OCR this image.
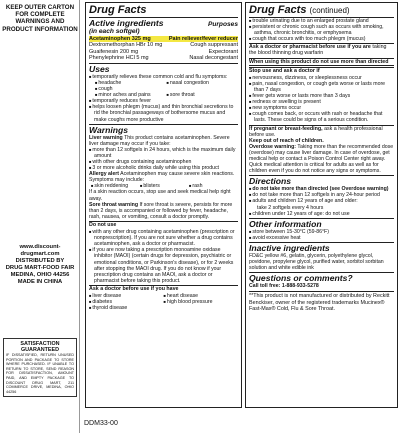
KEEP OUTER CARTON FOR COMPLETE WARNINGS AND PRODUCT INFORMATION
www.discount-drugmart.com
DISTRIBUTED BY
DRUG MART-FOOD FAIR
MEDINA, OHIO 44256
MADE IN CHINA
SATISFACTION GUARANTEED
IF DISSATISFIED, RETURN UNUSED PORTION AND PACKAGE TO STORE WHERE PURCHASED. IF UNABLE TO RETURN TO STORE, SEND REASON FOR DISSATISFACTION, AMOUNT PAID, AND EMPTY PACKAGE TO DISCOUNT DRUG MART, 211 COMMERCE DRIVE, MEDINA, OHIO 44256
DDM33-00
Drug Facts
Active ingredients	Purposes
(in each softgel)
Acetaminophen 325 mg	Pain reliever/fever reducer
Dextromethorphan HBr 10 mg	Cough suppressant
Guaifenesin 200 mg	Expectorant
Phenylephrine HCl 5 mg	Nasal decongestant
Uses
■ temporarily relieves these common cold and flu symptoms:
■ headache	■ nasal congestion
■ cough
■ minor aches and pains	■ sore throat
■ temporarily reduces fever
■ helps loosen phlegm (mucus) and thin bronchial secretions to rid the bronchial passageways of bothersome mucus and make coughs more productive
Warnings
Liver warning This product contains acetaminophen. Severe liver damage may occur if you take:
■ more than 12 softgels in 24 hours, which is the maximum daily amount
■ with other drugs containing acetaminophen
■ 3 or more alcoholic drinks daily while using this product
Allergy alert Acetaminophen may cause severe skin reactions. Symptoms may include:
■ skin reddening	■ blisters	■ rash
If a skin reaction occurs, stop use and seek medical help right away.
Sore throat warning If sore throat is severe, persists for more than 2 days, is accompanied or followed by fever, headache, rash, nausea, or vomiting, consult a doctor promptly.
Do not use
■ with any other drug containing acetaminophen (prescription or nonprescription). If you are not sure whether a drug contains acetaminophen, ask a doctor or pharmacist.
■ if you are now taking a prescription monoamine oxidase inhibitor (MAOI) (certain drugs for depression, psychiatric or emotional conditions, or Parkinson's disease), or for 2 weeks after stopping the MAOI drug. If you do not know if your prescription drug contains an MAOI, ask a doctor or pharmacist before taking this product.
Ask a doctor before use if you have
■ liver disease	■ heart disease
■ diabetes	■ high blood pressure
■ thyroid disease
Drug Facts (continued)
■ trouble urinating due to an enlarged prostate gland
■ persistent or chronic cough such as occurs with smoking, asthma, chronic bronchitis, or emphysema
■ cough that occurs with too much phlegm (mucus)
Ask a doctor or pharmacist before use if you are taking the blood thinning drug warfarin
When using this product do not use more than directed
Stop use and ask a doctor if
■ nervousness, dizziness, or sleeplessness occur
■ pain, nasal congestion, or cough gets worse or lasts more than 7 days
■ fever gets worse or lasts more than 3 days
■ redness or swelling is present
■ new symptoms occur
■ cough comes back, or occurs with rash or headache that lasts. These could be signs of a serious condition.
If pregnant or breast-feeding, ask a health professional before use.
Keep out of reach of children.
Overdose warning: Taking more than the recommended dose (overdose) may cause liver damage. In case of overdose, get medical help or contact a Poison Control Center right away. Quick medical attention is critical for adults as well as for children even if you do not notice any signs or symptoms.
Directions
■ do not take more than directed (see Overdose warning)
■ do not take more than 12 softgels in any 24-hour period
■ adults and children 12 years of age and older:
take 2 softgels every 4 hours
■ children under 12 years of age: do not use
Other information
■ store between 15-30°C (59-86°F)
■ avoid excessive heat
Inactive ingredients
FD&C yellow #6, gelatin, glycerin, polyethylene glycol, povidone, propylene glycol, purified water, sorbitol sorbitan solution and white edible ink
Questions or comments?
Call toll free: 1-888-933-5278
**This product is not manufactured or distributed by Reckitt Benckiser, owner of the registered trademarks Mucinex® Fast-Max® Cold, Flu & Sore Throat.
